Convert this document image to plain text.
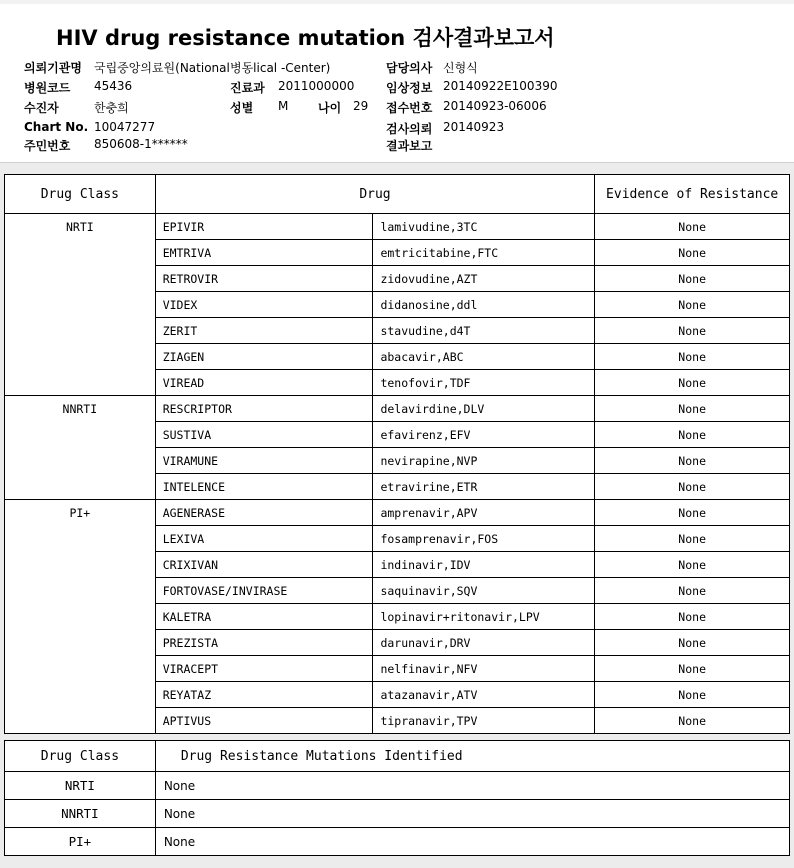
HIV drug resistance mutation 검사결과보고서
의뢰기관명 국립중앙의료원(National 병동lical -Center)
병원코드 45436	진료과 2011000000
수진자	한충희	성별 M 나이 29
Chart No. 10047277
주민번호 850608-1******
담당의사 신형식
임상정보 20140922E100390
접수번호 20140923-06006
검사의뢰 20140923
결과보고
Drug Class	Drug		Evidence of Resistance
NRTI	EPIVIR	lamivudine,3TC	None
	EMTRIVA	emtricitabine,FTC	None
	RETROVIR	zidovudine,AZT	None
	VIDEX	didanosine,ddl	None
	ZERIT	stavudine,d4T	None
	ZIAGEN	abacavir,ABC	None
	VIREAD	tenofovir,TDF	None
NNRTI	RESCRIPTOR	delavirdine,DLV	None
	SUSTIVA	efavirenz,EFV	None
	VIRAMUNE	nevirapine,NVP	None
	INTELENCE	etravirine,ETR	None
PI+	AGENERASE	amprenavir,APV	None
	LEXIVA	fosamprenavir,FOS	None
	CRIXIVAN	indinavir,IDV	None
	FORTOVASE/INVIRASE	saquinavir,SQV	None
	KALETRA	lopinavir+ritonavir,LPV	None
	PREZISTA	darunavir,DRV	None
	VIRACEPT	nelfinavir,NFV	None
	REYATAZ	atazanavir,ATV	None
	APTIVUS	tipranavir,TPV	None
Drug Class	Drug Resistance Mutations Identified
NRTI	None
NNRTI	None
PI+	None
